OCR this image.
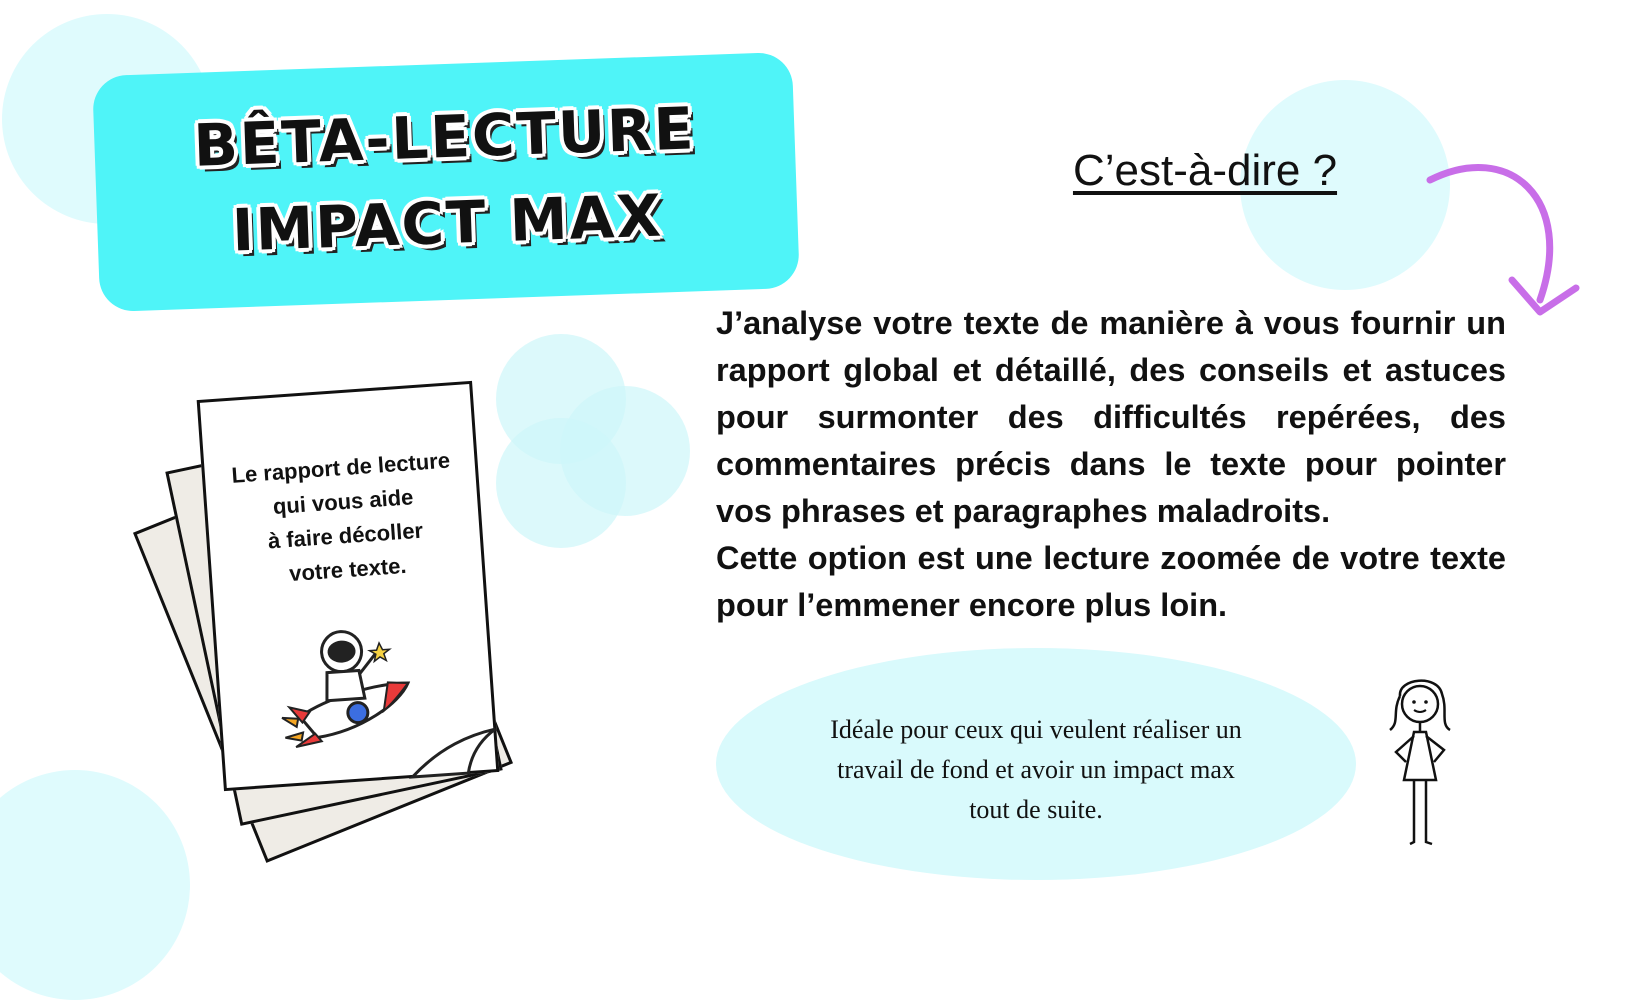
BÊTA-LECTURE
IMPACT MAX
C’est-à-dire ?

J’analyse votre texte de manière à vous fournir un rapport global et détaillé, des conseils et astuces pour surmonter des difficultés repérées, des commentaires précis dans le texte pour pointer vos phrases et paragraphes maladroits.

Cette option est une lecture zoomée de votre texte pour l’emmener encore plus loin.

Idéale pour ceux qui veulent réaliser un
travail de fond et avoir un impact max
tout de suite.
Le rapport de lecture
qui vous aide
à faire décoller
votre texte.
